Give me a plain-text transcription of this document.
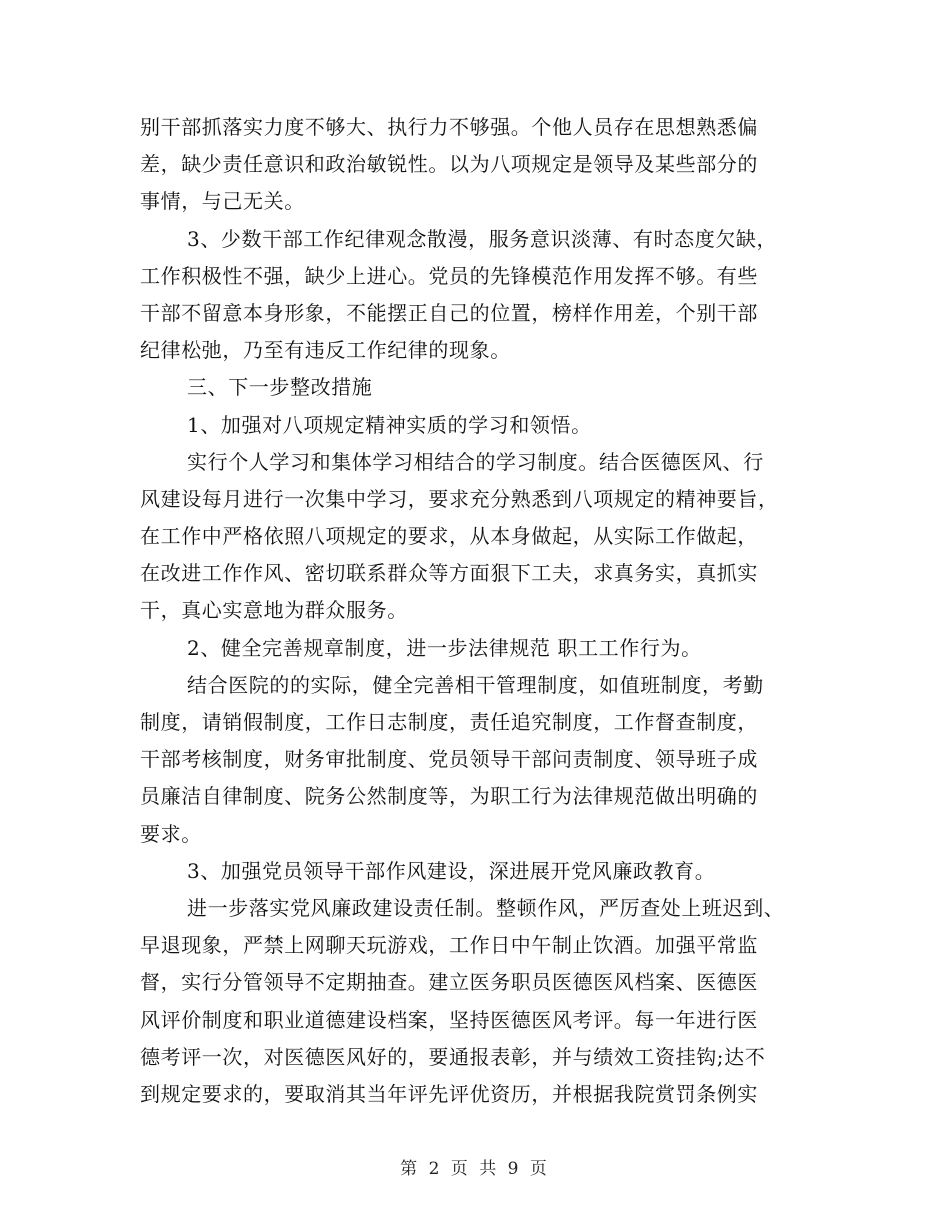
别干部抓落实力度不够大、执行力不够强。个他人员存在思想熟悉偏
差，缺少责任意识和政治敏锐性。以为八项规定是领导及某些部分的
事情，与己无关。
3、少数干部工作纪律观念散漫，服务意识淡薄、有时态度欠缺，
工作积极性不强，缺少上进心。党员的先锋模范作用发挥不够。有些
干部不留意本身形象，不能摆正自己的位置，榜样作用差，个别干部
纪律松弛，乃至有违反工作纪律的现象。
三、下一步整改措施
1、加强对八项规定精神实质的学习和领悟。
实行个人学习和集体学习相结合的学习制度。结合医德医风、行
风建设每月进行一次集中学习，要求充分熟悉到八项规定的精神要旨，
在工作中严格依照八项规定的要求，从本身做起，从实际工作做起，
在改进工作作风、密切联系群众等方面狠下工夫，求真务实，真抓实
干，真心实意地为群众服务。
2、健全完善规章制度，进一步法律规范 职工工作行为。
结合医院的的实际，健全完善相干管理制度，如值班制度，考勤
制度，请销假制度，工作日志制度，责任追究制度，工作督查制度，
干部考核制度，财务审批制度、党员领导干部问责制度、领导班子成
员廉洁自律制度、院务公然制度等，为职工行为法律规范做出明确的
要求。
3、加强党员领导干部作风建设，深进展开党风廉政教育。
进一步落实党风廉政建设责任制。整顿作风，严厉查处上班迟到、
早退现象，严禁上网聊天玩游戏，工作日中午制止饮酒。加强平常监
督，实行分管领导不定期抽查。建立医务职员医德医风档案、医德医
风评价制度和职业道德建设档案，坚持医德医风考评。每一年进行医
德考评一次，对医德医风好的，要通报表彰，并与绩效工资挂钩;达不
到规定要求的，要取消其当年评先评优资历，并根据我院赏罚条例实
第 2 页 共 9 页
